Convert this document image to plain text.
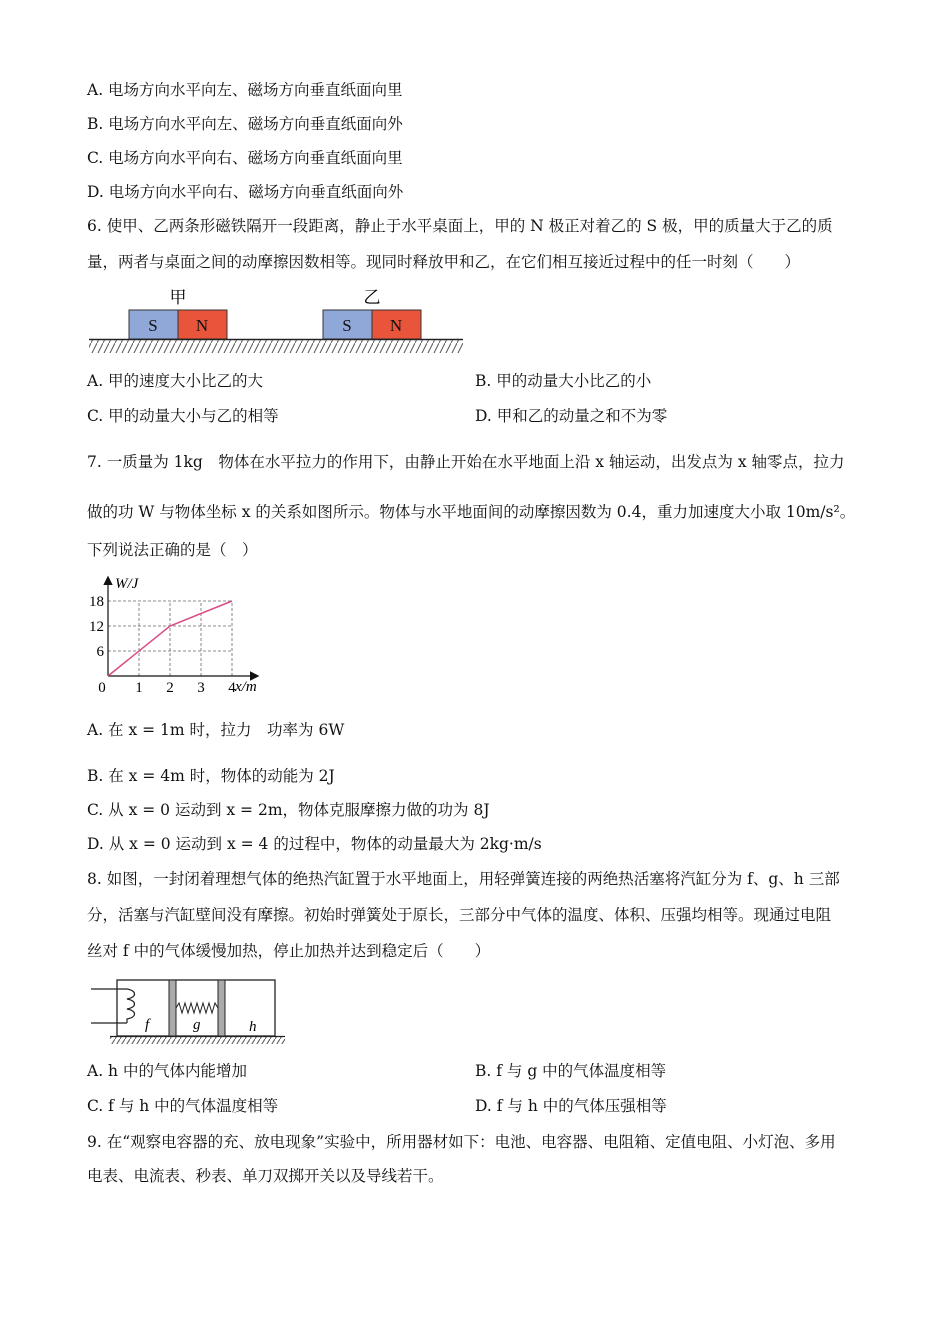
A. 电场方向水平向左、磁场方向垂直纸面向里
B. 电场方向水平向左、磁场方向垂直纸面向外
C. 电场方向水平向右、磁场方向垂直纸面向里
D. 电场方向水平向右、磁场方向垂直纸面向外
6. 使甲、乙两条形磁铁隔开一段距离，静止于水平桌面上，甲的 N 极正对着乙的 S 极，甲的质量大于乙的质
量，两者与桌面之间的动摩擦因数相等。现同时释放甲和乙，在它们相互接近过程中的任一时刻（　　）
甲	乙
S N	S N
A. 甲的速度大小比乙的大	B. 甲的动量大小比乙的小
C. 甲的动量大小与乙的相等	D. 甲和乙的动量之和不为零
7. 一质量为 1kg　物体在水平拉力的作用下，由静止开始在水平地面上沿 x 轴运动，出发点为 x 轴零点，拉力
做的功 W 与物体坐标 x 的关系如图所示。物体与水平地面间的动摩擦因数为 0.4，重力加速度大小取 10m/s²。
下列说法正确的是（　）
W/J
x/m
6
12
18
0 1 2 3 4
A. 在 x = 1m 时，拉力　功率为 6W
B. 在 x = 4m 时，物体的动能为 2J
C. 从 x = 0 运动到 x = 2m，物体克服摩擦力做的功为 8J
D. 从 x = 0 运动到 x = 4 的过程中，物体的动量最大为 2kg·m/s
8. 如图，一封闭着理想气体的绝热汽缸置于水平地面上，用轻弹簧连接的两绝热活塞将汽缸分为 f、g、h 三部
分，活塞与汽缸壁间没有摩擦。初始时弹簧处于原长，三部分中气体的温度、体积、压强均相等。现通过电阻
丝对 f 中的气体缓慢加热，停止加热并达到稳定后（　　）
f	g	h
A. h 中的气体内能增加	B. f 与 g 中的气体温度相等
C. f 与 h 中的气体温度相等	D. f 与 h 中的气体压强相等
9. 在“观察电容器的充、放电现象”实验中，所用器材如下：电池、电容器、电阻箱、定值电阻、小灯泡、多用
电表、电流表、秒表、单刀双掷开关以及导线若干。
